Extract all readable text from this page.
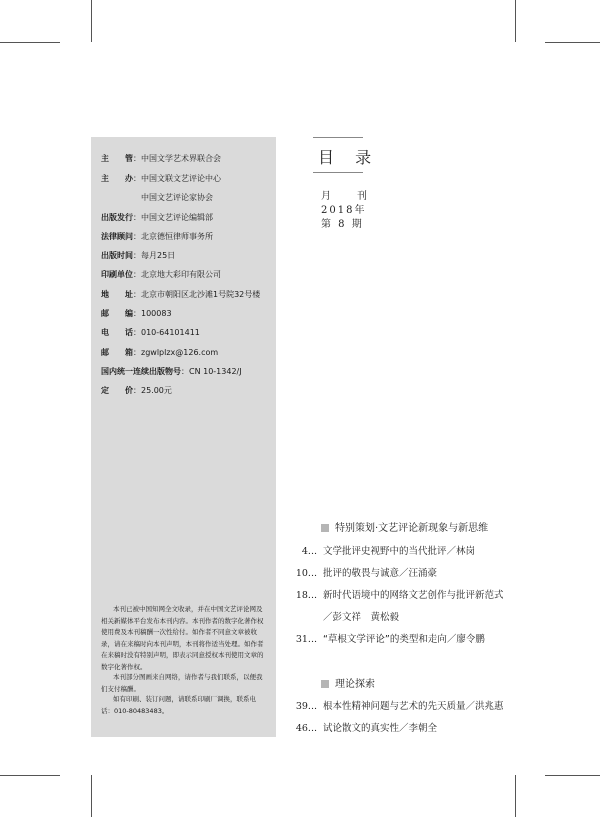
主　　管：中国文学艺术界联合会
主　　办：中国文联文艺评论中心
中国文艺评论家协会
出版发行：中国文艺评论编辑部
法律顾问：北京德恒律师事务所
出版时间：每月25日
印刷单位：北京地大彩印有限公司
地　　址：北京市朝阳区北沙滩1号院32号楼
邮　　编：100083
电　　话：010-64101411
邮　　箱：zgwlplzx@126.com
国内统一连续出版物号：CN 10-1342/J
定　　价：25.00元
本刊已被中国知网全文收录，并在中国文艺评论网及相关新媒体平台发布本刊内容。本刊作者的数字化著作权使用费及本刊稿酬一次性给付。如作者不同意文章被收录，请在来稿时向本刊声明，本刊将作适当处理。如作者在来稿时没有特别声明，即表示同意授权本刊使用文章的数字化著作权。
本刊部分图画来自网络，请作者与我们联系，以便我们支付稿酬。
如有印刷、装订问题，请联系印刷厂调换，联系电话：010-80483483。
目 录
月　　刊
2018年
第 8 期
特别策划·文艺评论新现象与新思维
4... 文学批评史视野中的当代批评／林岗
10... 批评的敬畏与诚意／汪涌豪
18... 新时代语境中的网络文艺创作与批评新范式
／彭文祥　黄松毅
31... “草根文学评论”的类型和走向／廖令鹏
理论探索
39... 根本性精神问题与艺术的先天质量／洪兆惠
46... 试论散文的真实性／李朝全
